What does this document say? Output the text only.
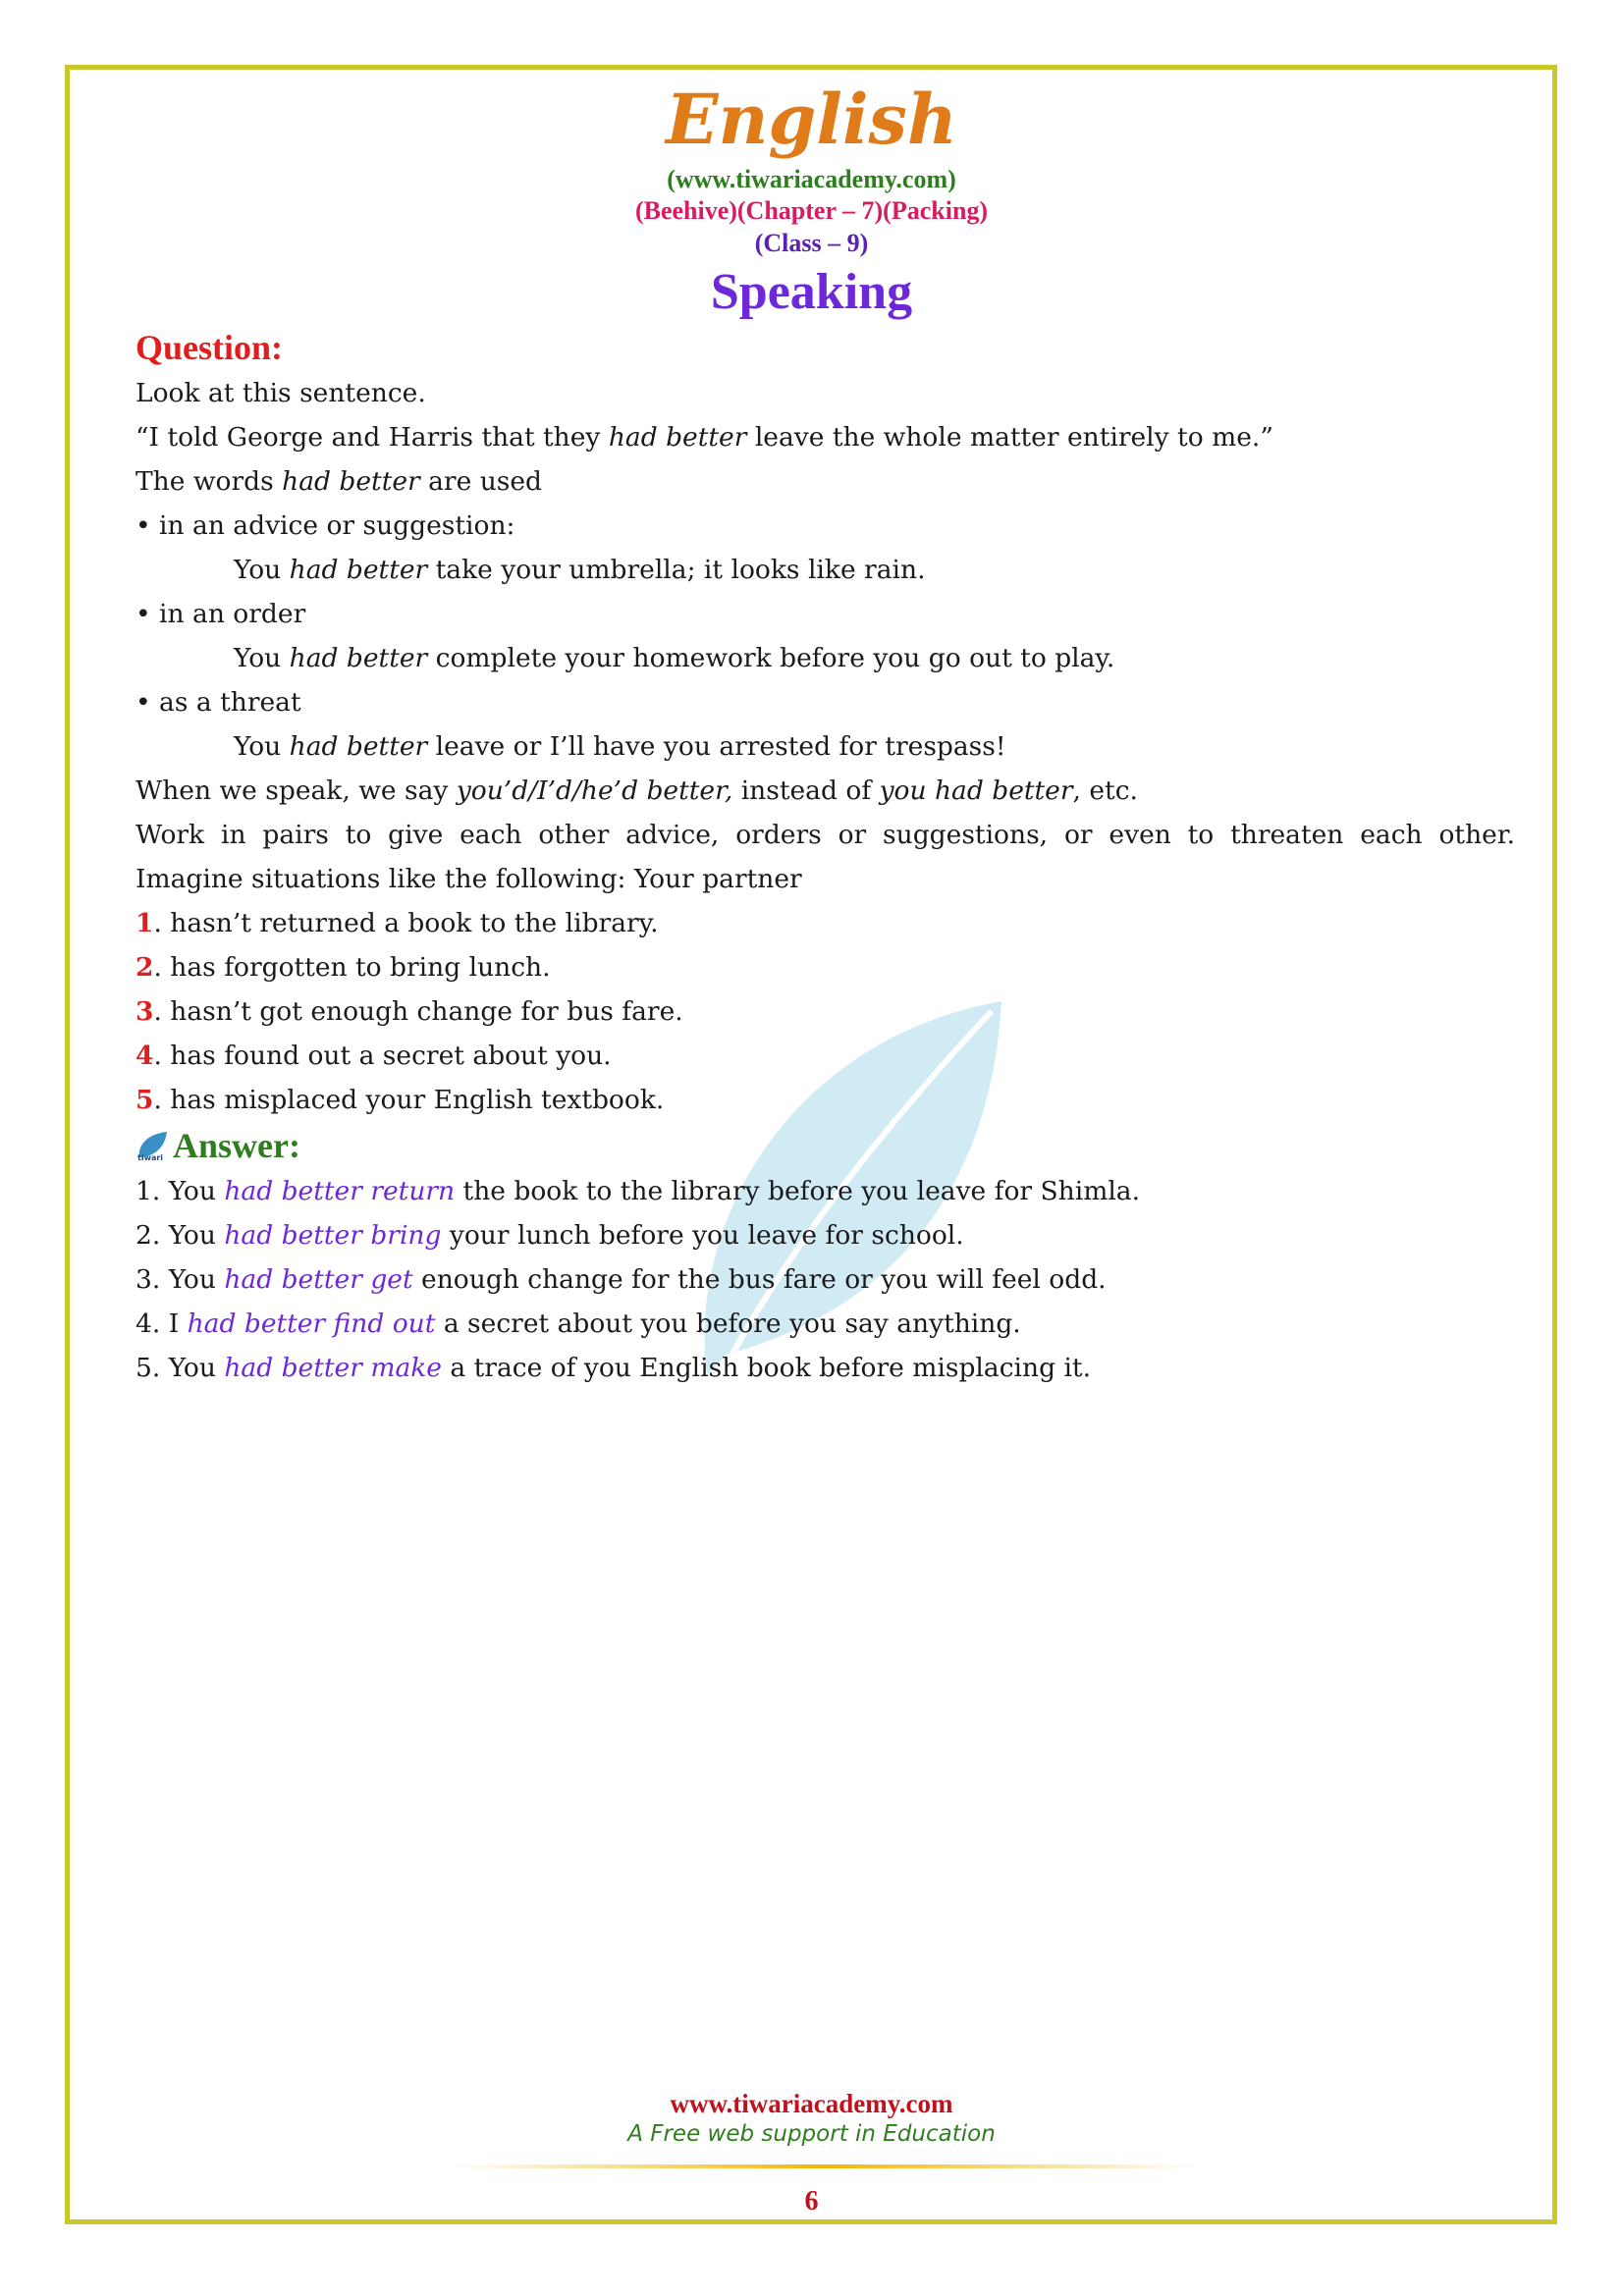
English
(www.tiwariacademy.com)
(Beehive)(Chapter – 7)(Packing)
(Class – 9)
Speaking
Question:
Look at this sentence.
“I told George and Harris that they had better leave the whole matter entirely to me.”
The words had better are used
• in an advice or suggestion:
You had better take your umbrella; it looks like rain.
• in an order
You had better complete your homework before you go out to play.
• as a threat
You had better leave or I’ll have you arrested for trespass!
When we speak, we say you’d/I’d/he’d better, instead of you had better, etc.
Work in pairs to give each other advice, orders or suggestions, or even to threaten each other.
Imagine situations like the following: Your partner
1. hasn’t returned a book to the library.
2. has forgotten to bring lunch.
3. hasn’t got enough change for bus fare.
4. has found out a secret about you.
5. has misplaced your English textbook.
tiwari Answer:
1. You had better return the book to the library before you leave for Shimla.
2. You had better bring your lunch before you leave for school.
3. You had better get enough change for the bus fare or you will feel odd.
4. I had better find out a secret about you before you say anything.
5. You had better make a trace of you English book before misplacing it.
www.tiwariacademy.com
A Free web support in Education
6
